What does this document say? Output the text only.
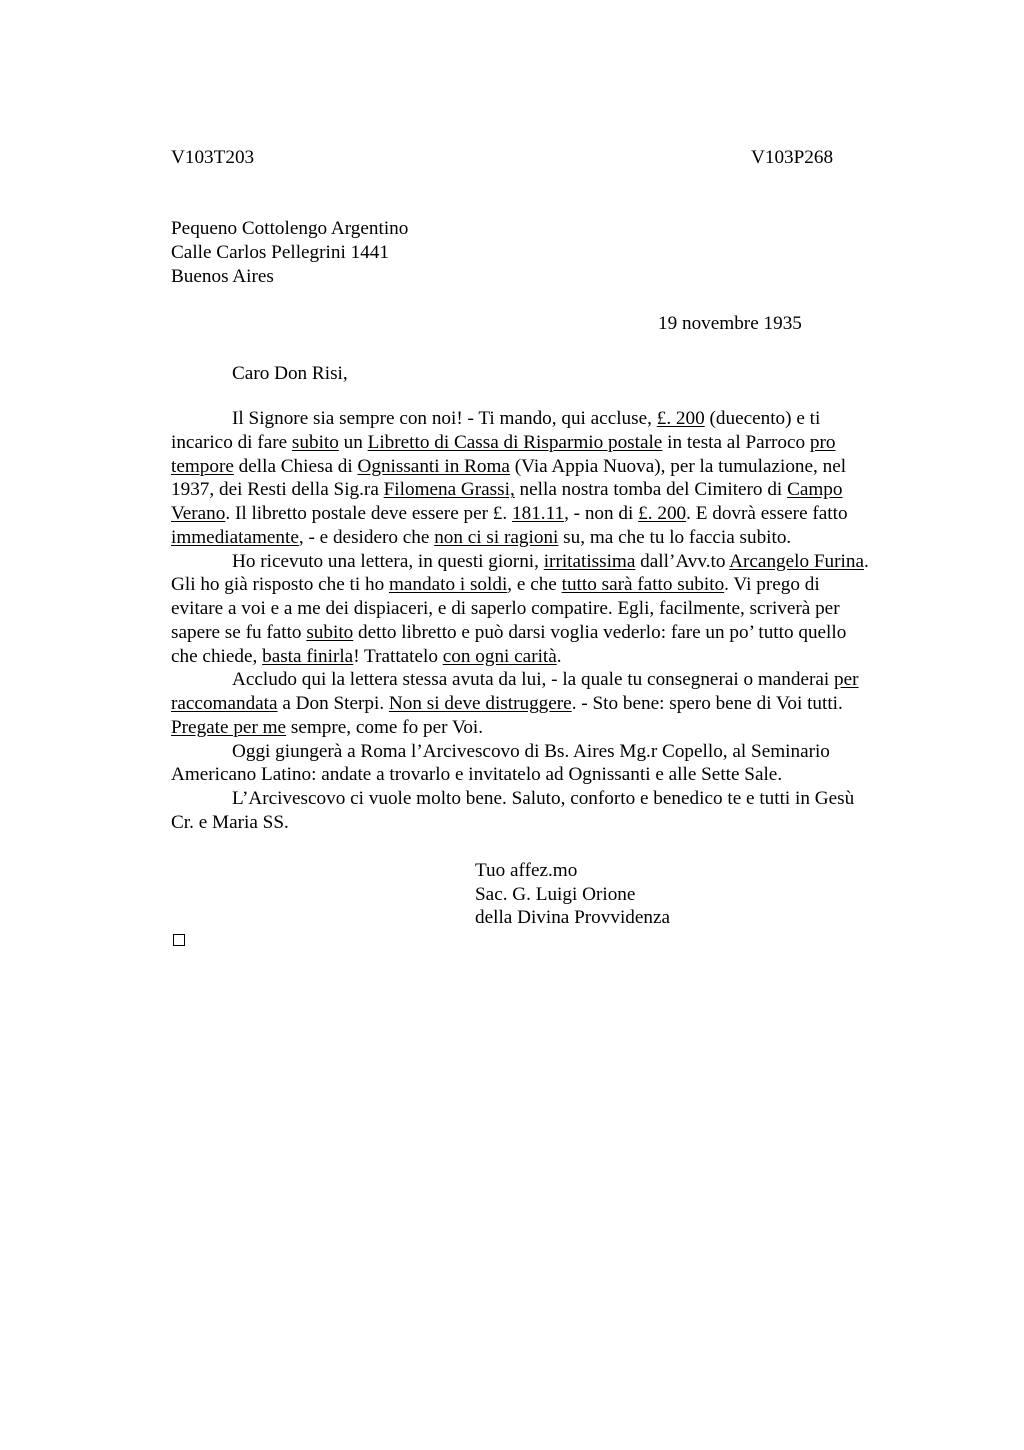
V103T203	V103P268
Pequeno Cottolengo Argentino
Calle Carlos Pellegrini 1441
Buenos Aires
19 novembre 1935
Caro Don Risi,
Il Signore sia sempre con noi! - Ti mando, qui accluse, £. 200 (duecento) e ti
incarico di fare subito un Libretto di Cassa di Risparmio postale in testa al Parroco pro
tempore della Chiesa di Ognissanti in Roma (Via Appia Nuova), per la tumulazione, nel
1937, dei Resti della Sig.ra Filomena Grassi, nella nostra tomba del Cimitero di Campo
Verano. Il libretto postale deve essere per £. 181.11, - non di £. 200. E dovrà essere fatto
immediatamente, - e desidero che non ci si ragioni su, ma che tu lo faccia subito.
Ho ricevuto una lettera, in questi giorni, irritatissima dall’Avv.to Arcangelo Furina.
Gli ho già risposto che ti ho mandato i soldi, e che tutto sarà fatto subito. Vi prego di
evitare a voi e a me dei dispiaceri, e di saperlo compatire. Egli, facilmente, scriverà per
sapere se fu fatto subito detto libretto e può darsi voglia vederlo: fare un po’ tutto quello
che chiede, basta finirla! Trattatelo con ogni carità.
Accludo qui la lettera stessa avuta da lui, - la quale tu consegnerai o manderai per
raccomandata a Don Sterpi. Non si deve distruggere. - Sto bene: spero bene di Voi tutti.
Pregate per me sempre, come fo per Voi.
Oggi giungerà a Roma l’Arcivescovo di Bs. Aires Mg.r Copello, al Seminario
Americano Latino: andate a trovarlo e invitatelo ad Ognissanti e alle Sette Sale.
L’Arcivescovo ci vuole molto bene. Saluto, conforto e benedico te e tutti in Gesù
Cr. e Maria SS.
Tuo affez.mo
Sac. G. Luigi Orione
della Divina Provvidenza
